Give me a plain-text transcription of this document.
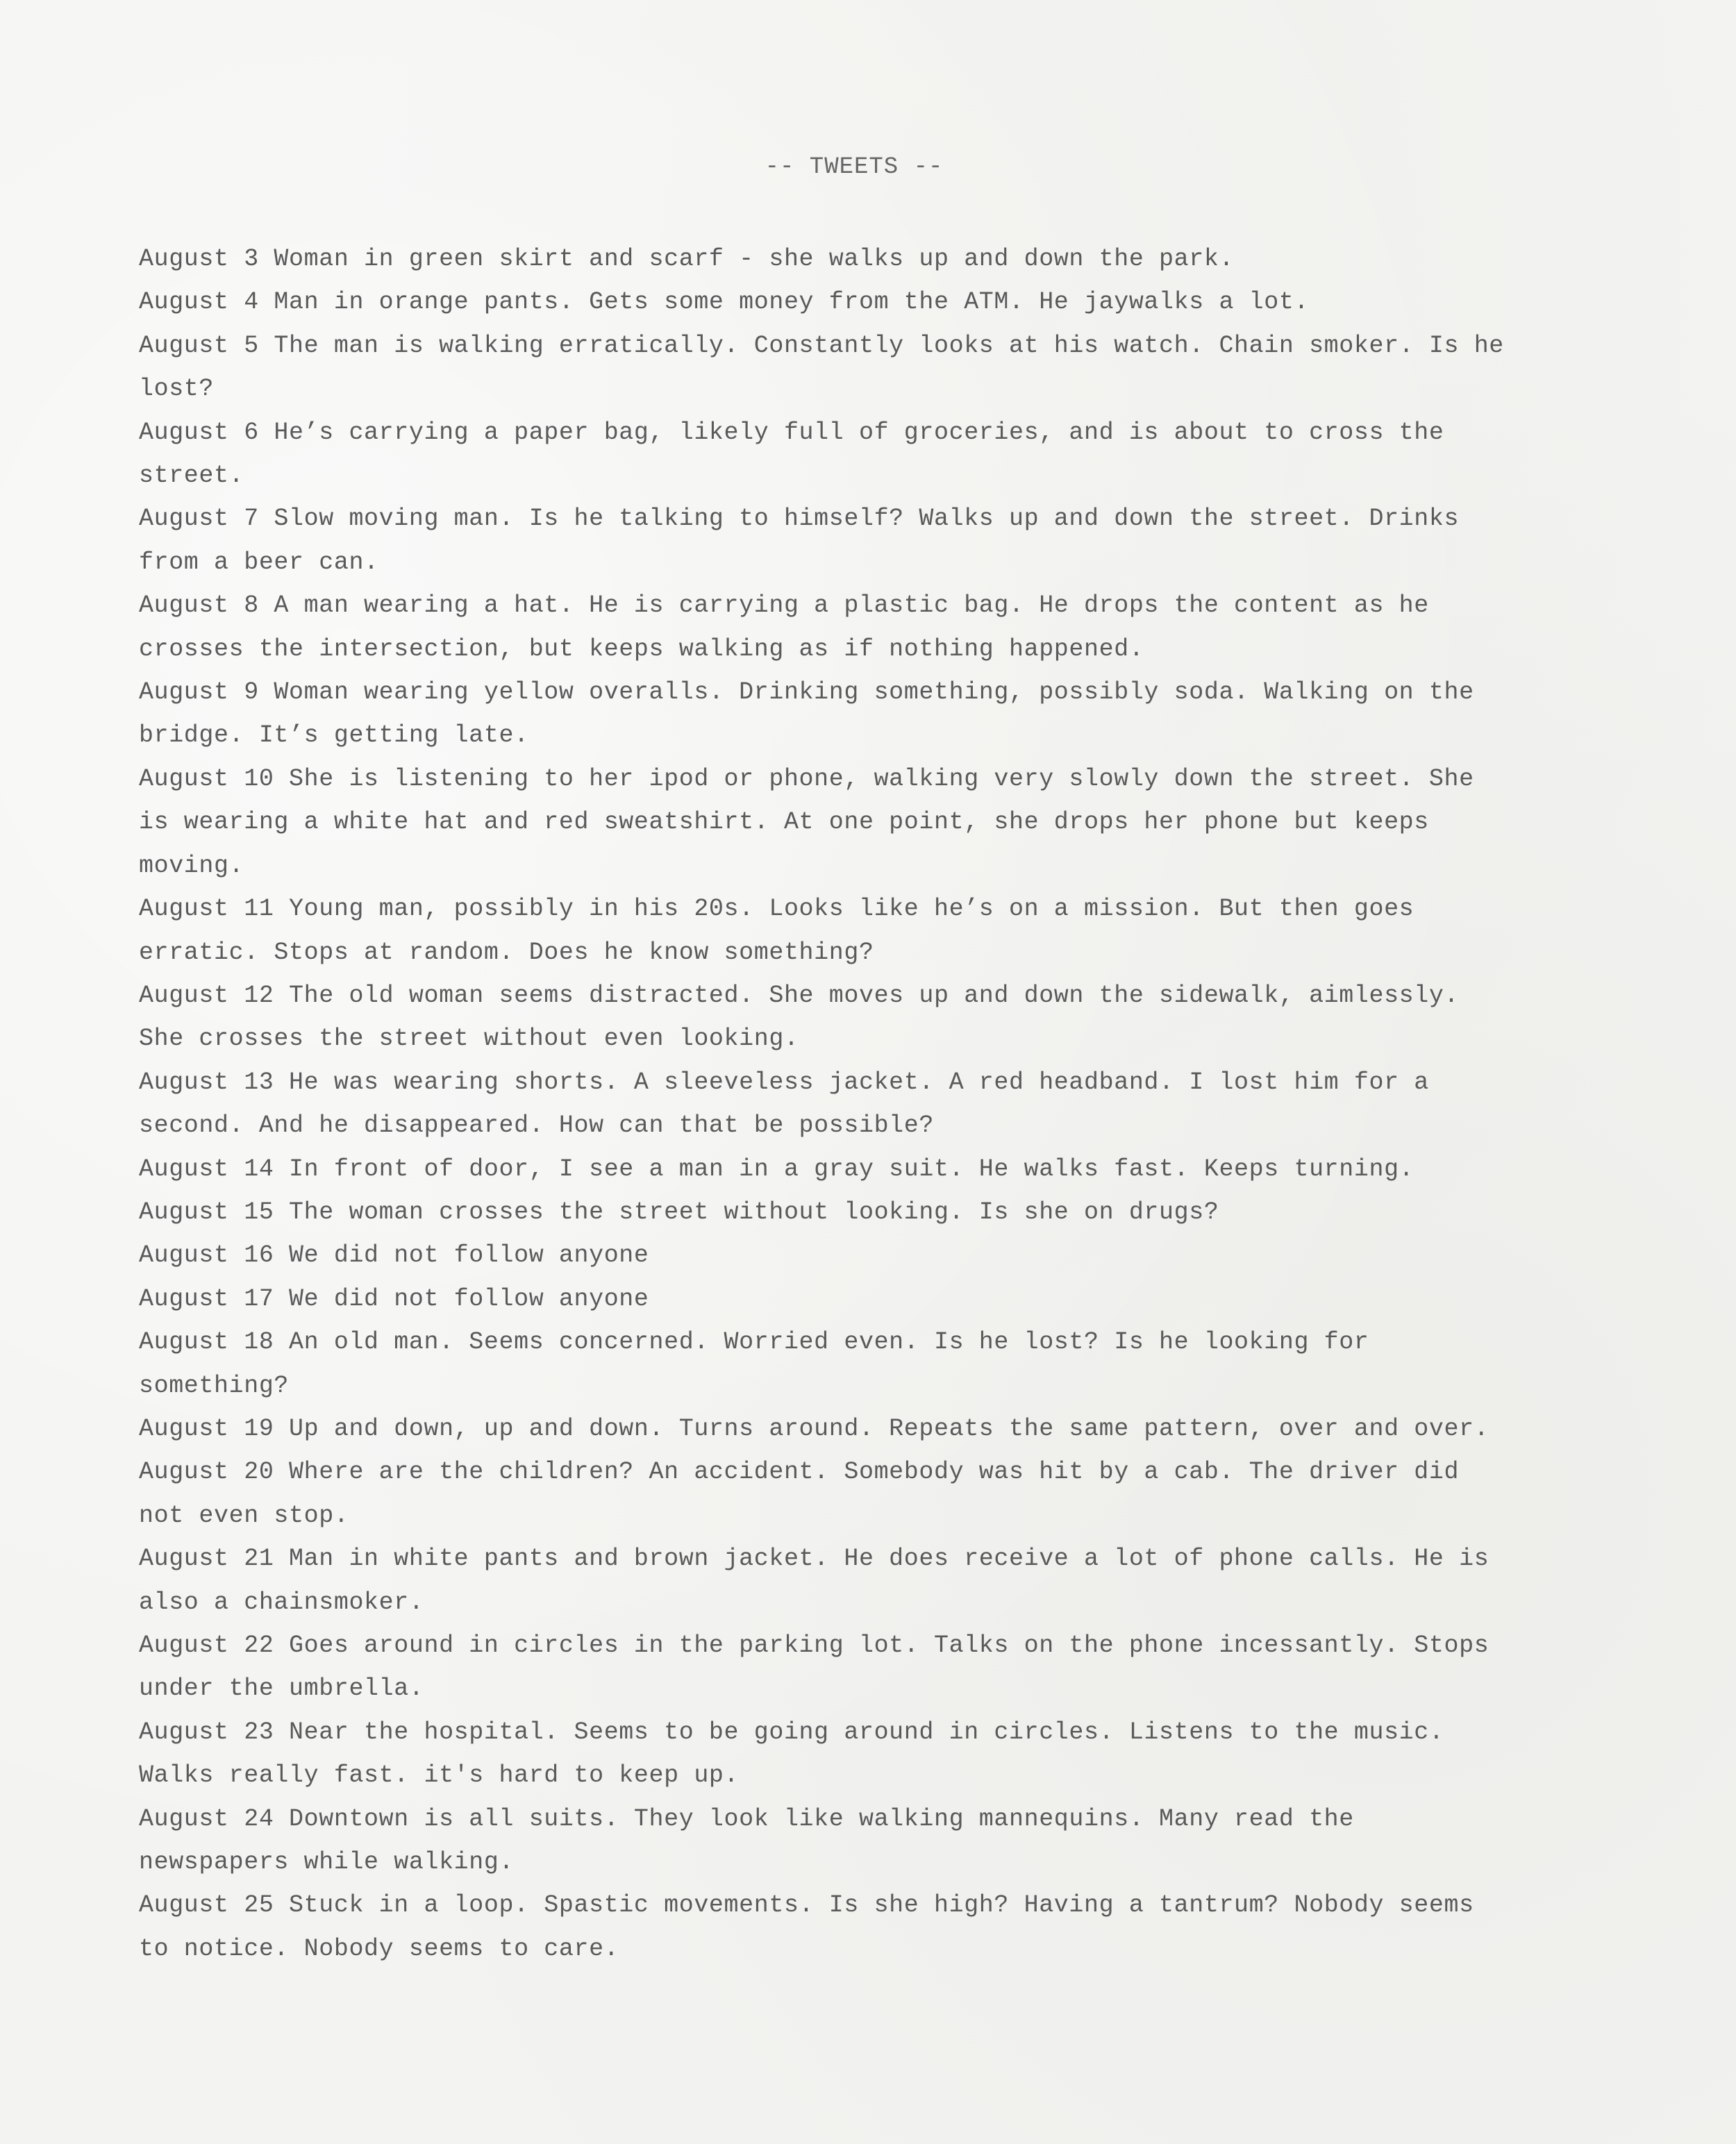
-- TWEETS --
August 3 Woman in green skirt and scarf - she walks up and down the park.
August 4 Man in orange pants. Gets some money from the ATM. He jaywalks a lot.
August 5 The man is walking erratically. Constantly looks at his watch. Chain smoker. Is he
lost?
August 6 He’s carrying a paper bag, likely full of groceries, and is about to cross the
street.
August 7 Slow moving man. Is he talking to himself? Walks up and down the street. Drinks
from a beer can.
August 8 A man wearing a hat. He is carrying a plastic bag. He drops the content as he
crosses the intersection, but keeps walking as if nothing happened.
August 9 Woman wearing yellow overalls. Drinking something, possibly soda. Walking on the
bridge. It’s getting late.
August 10 She is listening to her ipod or phone, walking very slowly down the street. She
is wearing a white hat and red sweatshirt. At one point, she drops her phone but keeps
moving.
August 11 Young man, possibly in his 20s. Looks like he’s on a mission. But then goes
erratic. Stops at random. Does he know something?
August 12 The old woman seems distracted. She moves up and down the sidewalk, aimlessly.
She crosses the street without even looking.
August 13 He was wearing shorts. A sleeveless jacket. A red headband. I lost him for a
second. And he disappeared. How can that be possible?
August 14 In front of door, I see a man in a gray suit. He walks fast. Keeps turning.
August 15 The woman crosses the street without looking. Is she on drugs?
August 16 We did not follow anyone
August 17 We did not follow anyone
August 18 An old man. Seems concerned. Worried even. Is he lost? Is he looking for
something?
August 19 Up and down, up and down. Turns around. Repeats the same pattern, over and over.
August 20 Where are the children? An accident. Somebody was hit by a cab. The driver did
not even stop.
August 21 Man in white pants and brown jacket. He does receive a lot of phone calls. He is
also a chainsmoker.
August 22 Goes around in circles in the parking lot. Talks on the phone incessantly. Stops
under the umbrella.
August 23 Near the hospital. Seems to be going around in circles. Listens to the music.
Walks really fast. it's hard to keep up.
August 24 Downtown is all suits. They look like walking mannequins. Many read the
newspapers while walking.
August 25 Stuck in a loop. Spastic movements. Is she high? Having a tantrum? Nobody seems
to notice. Nobody seems to care.
